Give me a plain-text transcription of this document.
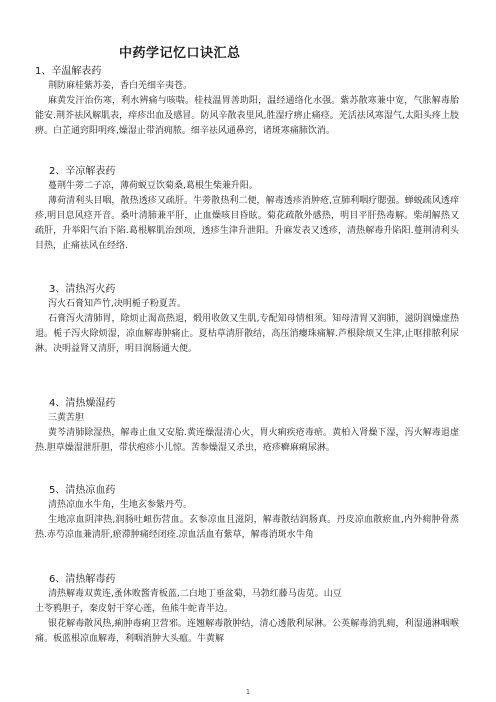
中药学记忆口诀汇总
1、辛温解表药
荆防麻桂紫苏姜，香白羌细辛夷苍。
麻黄发汗治伤寒，利水辨痛与咳喘。桂枝温胃善助阳，温经通络化水强。紫苏散寒兼中宽，气胀解毒胎能安.荆芥祛风解肌表，痒疹出血及感冒。防风辛散表里风,胜湿疗痹止痛痉。羌活祛风寒湿气,太阳头疼上肢痹。白芷通窍阳明疼,燥湿止带消痈脓。细辛祛风通鼻窍，诸斑寒痛肺饮消。
2、辛凉解表药
蔓荆牛蒡二子凉，薄荷蜕豆饮菊桑,葛根生柴兼升阳。
薄荷清利头目咽，散热透疹又疏肝。牛蒡散热利二便，解毒透疹消肿疮,宣肺利咽疗腮强。蝉蜕疏风透痒疹,明目息风痉开音。桑叶清肺兼平肝，止血燥咳目昏眩。菊花疏散外感热，明目平肝热毒解。柴胡解热又疏肝，升举阳气治下陷.葛根解肌治颈项，透疹生津升泄阳。升麻发表又透疹，清热解毒升陷阳.蔓荆清利头目热，止痛祛风在经络.
3、清热泻火药
泻火石膏知芦竹,决明栀子粉夏苦。
石膏泻火清肺胃，除烦止渴高热退，煅用收敛又生肌,专配知母情相须。知母清胃又润肺，滋阴润燥虚热退。栀子泻火除烦湿，凉血解毒肿痛止。夏枯草清肝散结，高压消瘿珠痛解.芦根除烦又生津,止呕排脓利尿淋。决明益肾又清肝，明目润肠通大便。
4、清热燥湿药
三黄苦胆
黄芩清肺除湿热，解毒止血又安胎.黄连燥湿清心火，胃火痢疾疮毒瘀。黄柏入肾燥下湿，泻火解毒退虚热.胆草燥湿泄肝胆，带状疱疹小儿惊。苦参燥湿又杀虫，疮疹癣麻痢尿淋。
5、清热凉血药
清热凉血水牛角，生地玄参紫丹芍。
生地凉血阴津热,润肠吐衄伤营血。玄参凉血且滋阴，解毒散结润肠真。丹皮凉血散瘀血,内外痈肿骨蒸热.赤芍凉血兼清肝,瘀滞肿痛经闭痊.凉血活血有紫草，解毒消斑水牛角
6、清热解毒药
清热解毒双黄连,蚤休败酱青板蓝,二白地丁垂盆菊，马勃红藤马齿苋。山豆
土苓鸦胆子，秦皮射干穿心莲，鱼熊牛蛇青半边。
银花解毒散风热,痢肿毒痢卫营邪。连翘解毒散肿结，清心透散利尿淋。公英解毒消乳痈，利湿通淋咽喉痛。板蓝根凉血解毒，利咽消肿大头瘟。牛黄解
1
